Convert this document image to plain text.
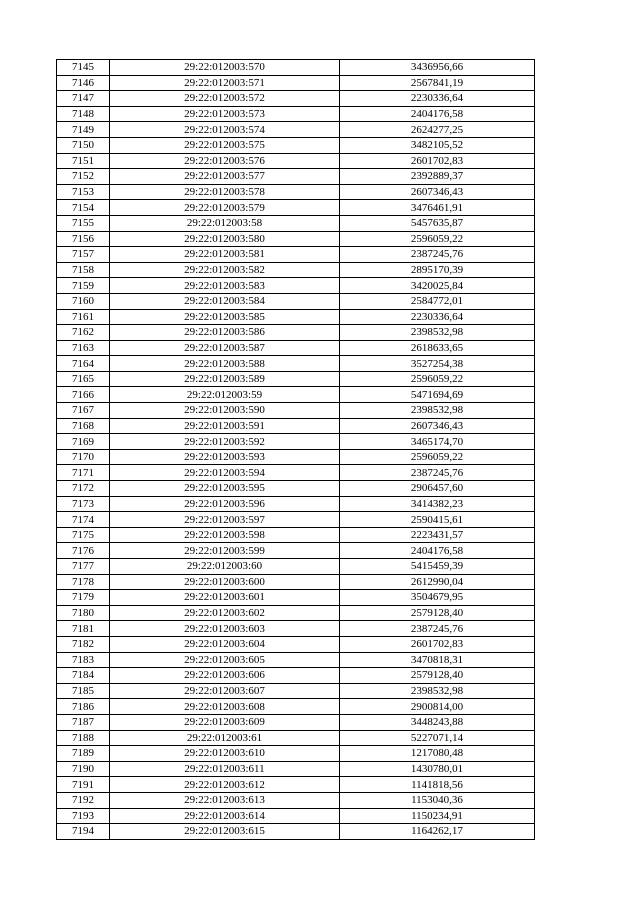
7145	29:22:012003:570	3436956,66
7146	29:22:012003:571	2567841,19
7147	29:22:012003:572	2230336,64
7148	29:22:012003:573	2404176,58
7149	29:22:012003:574	2624277,25
7150	29:22:012003:575	3482105,52
7151	29:22:012003:576	2601702,83
7152	29:22:012003:577	2392889,37
7153	29:22:012003:578	2607346,43
7154	29:22:012003:579	3476461,91
7155	29:22:012003:58	5457635,87
7156	29:22:012003:580	2596059,22
7157	29:22:012003:581	2387245,76
7158	29:22:012003:582	2895170,39
7159	29:22:012003:583	3420025,84
7160	29:22:012003:584	2584772,01
7161	29:22:012003:585	2230336,64
7162	29:22:012003:586	2398532,98
7163	29:22:012003:587	2618633,65
7164	29:22:012003:588	3527254,38
7165	29:22:012003:589	2596059,22
7166	29:22:012003:59	5471694,69
7167	29:22:012003:590	2398532,98
7168	29:22:012003:591	2607346,43
7169	29:22:012003:592	3465174,70
7170	29:22:012003:593	2596059,22
7171	29:22:012003:594	2387245,76
7172	29:22:012003:595	2906457,60
7173	29:22:012003:596	3414382,23
7174	29:22:012003:597	2590415,61
7175	29:22:012003:598	2223431,57
7176	29:22:012003:599	2404176,58
7177	29:22:012003:60	5415459,39
7178	29:22:012003:600	2612990,04
7179	29:22:012003:601	3504679,95
7180	29:22:012003:602	2579128,40
7181	29:22:012003:603	2387245,76
7182	29:22:012003:604	2601702,83
7183	29:22:012003:605	3470818,31
7184	29:22:012003:606	2579128,40
7185	29:22:012003:607	2398532,98
7186	29:22:012003:608	2900814,00
7187	29:22:012003:609	3448243,88
7188	29:22:012003:61	5227071,14
7189	29:22:012003:610	1217080,48
7190	29:22:012003:611	1430780,01
7191	29:22:012003:612	1141818,56
7192	29:22:012003:613	1153040,36
7193	29:22:012003:614	1150234,91
7194	29:22:012003:615	1164262,17
